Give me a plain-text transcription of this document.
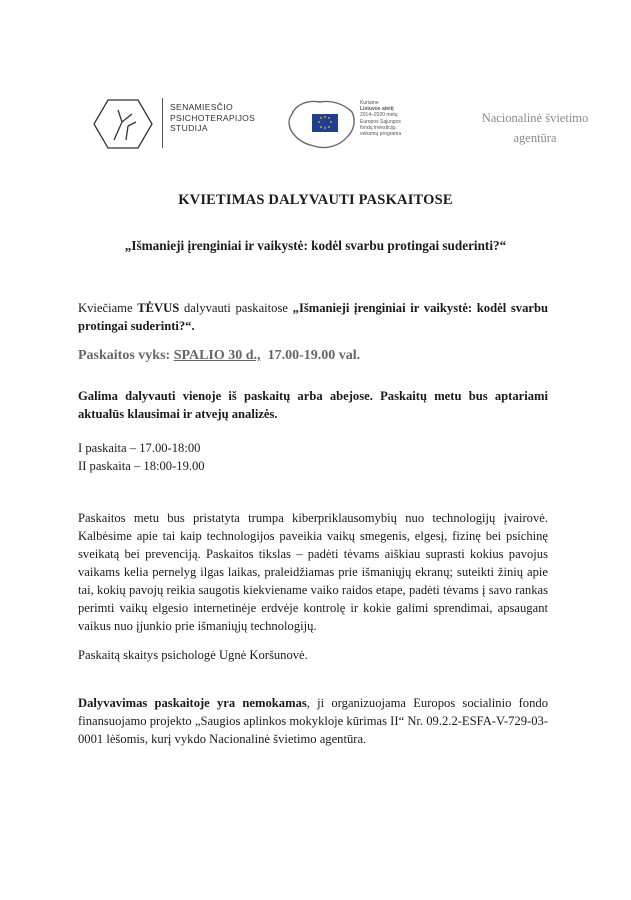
SENAMIESČIO
PSICHOTERAPIJOS
STUDIJA
Kuriame
Lietuvos ateitį
2014–2020 metų
Europos Sąjungos
fondų investicijų
veiksmų programa
Nacionalinė švietimo
agentūra
KVIETIMAS DALYVAUTI PASKAITOSE
„Išmanieji įrenginiai ir vaikystė: kodėl svarbu protingai suderinti?“
Kviečiame TĖVUS dalyvauti paskaitose „Išmanieji įrenginiai ir vaikystė: kodėl svarbu protingai suderinti?“.
Paskaitos vyks: SPALIO 30 d., 17.00-19.00 val.
Galima dalyvauti vienoje iš paskaitų arba abejose. Paskaitų metu bus aptariami aktualūs klausimai ir atvejų analizės.
I paskaita – 17.00-18:00
II paskaita – 18:00-19.00
Paskaitos metu bus pristatyta trumpa kiberpriklausomybių nuo technologijų įvairovė. Kalbėsime apie tai kaip technologijos paveikia vaikų smegenis, elgesį, fizinę bei psichinę sveikatą bei prevenciją. Paskaitos tikslas – padėti tėvams aiškiau suprasti kokius pavojus vaikams kelia pernelyg ilgas laikas, praleidžiamas prie išmaniųjų ekranų; suteikti žinių apie tai, kokių pavojų reikia saugotis kiekviename vaiko raidos etape, padėti tėvams į savo rankas perimti vaikų elgesio internetinėje erdvėje kontrolę ir kokie galimi sprendimai, apsaugant vaikus nuo įjunkio prie išmaniųjų technologijų.
Paskaitą skaitys psichologė Ugnė Koršunovė.
Dalyvavimas paskaitoje yra nemokamas, ji organizuojama Europos socialinio fondo finansuojamo projekto „Saugios aplinkos mokykloje kūrimas II“ Nr. 09.2.2-ESFA-V-729-03-0001 lėšomis, kurį vykdo Nacionalinė švietimo agentūra.
